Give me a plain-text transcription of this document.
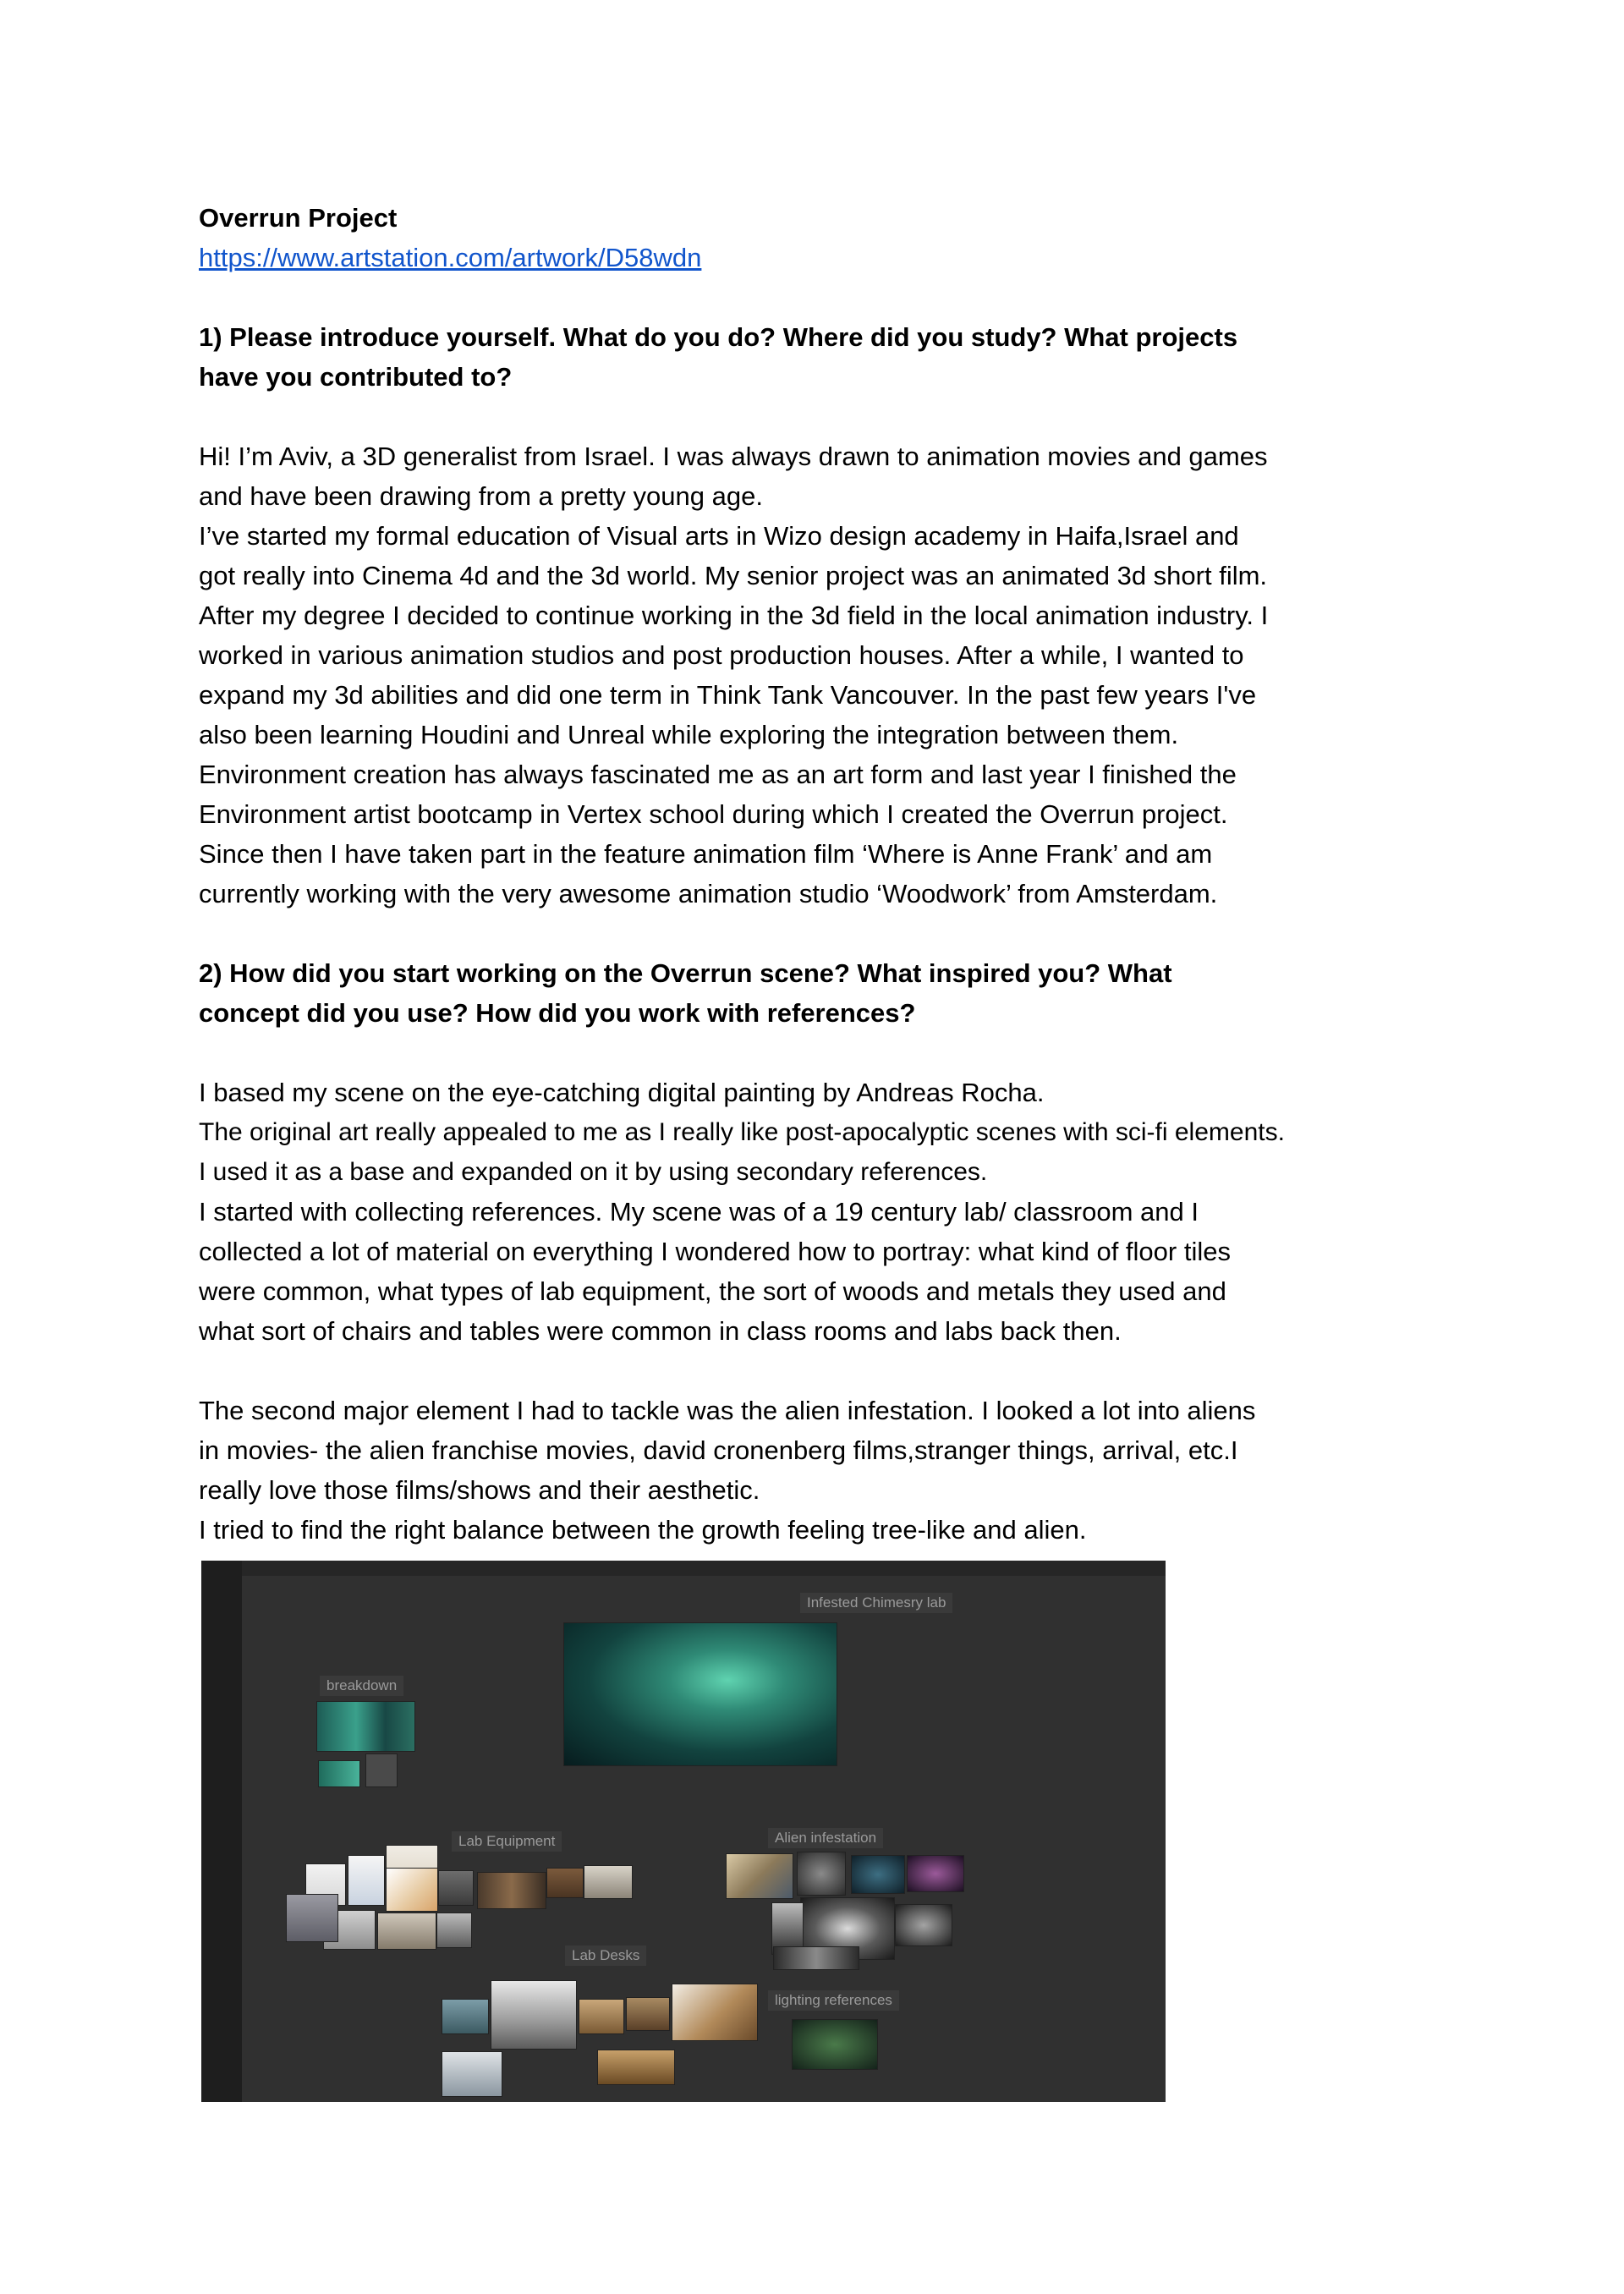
Overrun Project

https://www.artstation.com/artwork/D58wdn

1) Please introduce yourself. What do you do? Where did you study? What projects

have you contributed to?

Hi! I’m Aviv, a 3D generalist from Israel. I was always drawn to animation movies and games

and have been drawing from a pretty young age.

I’ve started my formal education of Visual arts in Wizo design academy in Haifa,Israel and

got really into Cinema 4d and the 3d world. My senior project was an animated 3d short film.

After my degree I decided to continue working in the 3d field in the local animation industry. I

worked in various animation studios and post production houses. After a while, I wanted to

expand my 3d abilities and did one term in Think Tank Vancouver. In the past few years I've

also been learning Houdini and Unreal while exploring the integration between them.

Environment creation has always fascinated me as an art form and last year I finished the

Environment artist bootcamp in Vertex school during which I created the Overrun project.

Since then I have taken part in the feature animation film ‘Where is Anne Frank’ and am

currently working with the very awesome animation studio ‘Woodwork’ from Amsterdam.

2) How did you start working on the Overrun scene? What inspired you? What

concept did you use? How did you work with references?

I based my scene on the eye-catching digital painting by Andreas Rocha.

The original art really appealed to me as I really like post-apocalyptic scenes with sci-fi elements.

I used it as a base and expanded on it by using secondary references.

I started with collecting references. My scene was of a 19 century lab/ classroom and I

collected a lot of material on everything I wondered how to portray: what kind of floor tiles

were common, what types of lab equipment, the sort of woods and metals they used and

what sort of chairs and tables were common in class rooms and labs back then.

The second major element I had to tackle was the alien infestation. I looked a lot into aliens

in movies- the alien franchise movies, david cronenberg films,stranger things, arrival, etc.I

really love those films/shows and their aesthetic.

I tried to find the right balance between the growth feeling tree-like and alien.

Infested Chimesry lab
breakdown
Lab Equipment	Alien infestation
lighting references
Lab Desks
